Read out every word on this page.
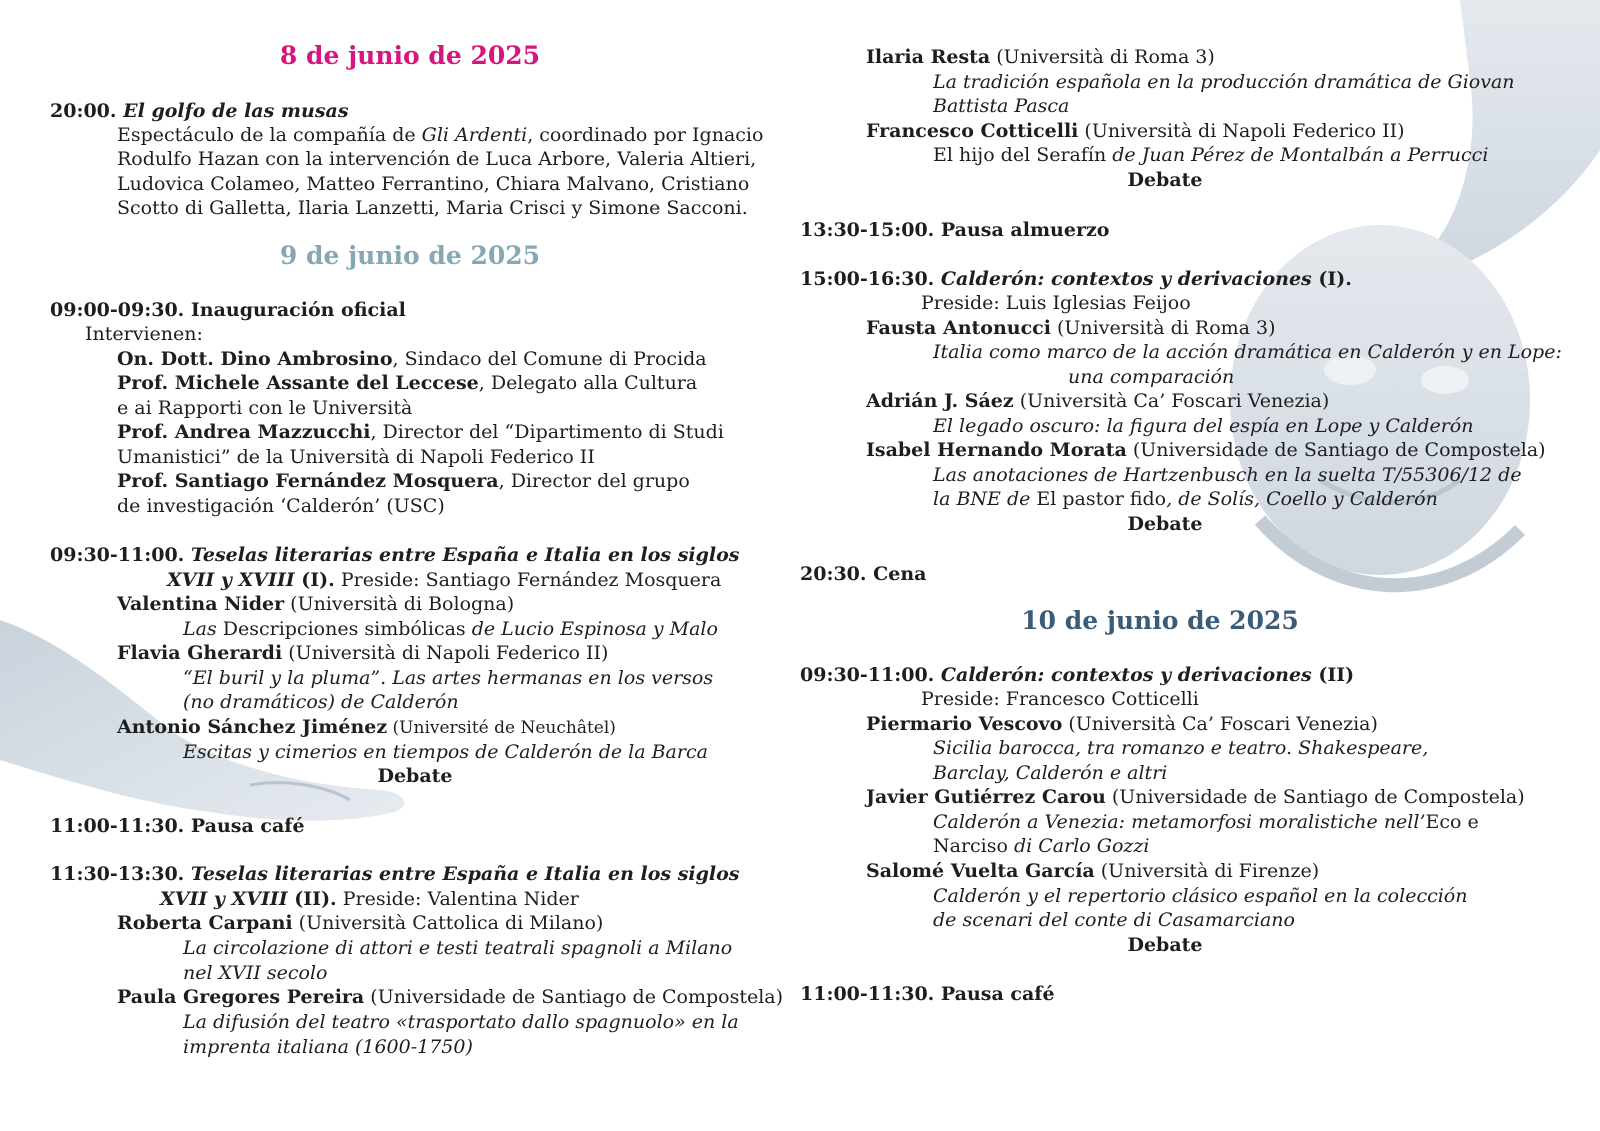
8 de junio de 2025
20:00. El golfo de las musas
Espectáculo de la compañía de Gli Ardenti, coordinado por Ignacio
Rodulfo Hazan con la intervención de Luca Arbore, Valeria Altieri,
Ludovica Colameo, Matteo Ferrantino, Chiara Malvano, Cristiano
Scotto di Galletta, Ilaria Lanzetti, Maria Crisci y Simone Sacconi.
9 de junio de 2025
09:00-09:30. Inauguración oficial
Intervienen:
On. Dott. Dino Ambrosino, Sindaco del Comune di Procida
Prof. Michele Assante del Leccese, Delegato alla Cultura
e ai Rapporti con le Università
Prof. Andrea Mazzucchi, Director del “Dipartimento di Studi
Umanistici” de la Università di Napoli Federico II
Prof. Santiago Fernández Mosquera, Director del grupo
de investigación ‘Calderón’ (USC)
09:30-11:00. Teselas literarias entre España e Italia en los siglos
XVII y XVIII (I). Preside: Santiago Fernández Mosquera
Valentina Nider (Università di Bologna)
Las Descripciones simbólicas de Lucio Espinosa y Malo
Flavia Gherardi (Università di Napoli Federico II)
“El buril y la pluma”. Las artes hermanas en los versos
(no dramáticos) de Calderón
Antonio Sánchez Jiménez (Université de Neuchâtel)
Escitas y cimerios en tiempos de Calderón de la Barca
Debate
11:00-11:30. Pausa café
11:30-13:30. Teselas literarias entre España e Italia en los siglos
XVII y XVIII (II). Preside: Valentina Nider
Roberta Carpani (Università Cattolica di Milano)
La circolazione di attori e testi teatrali spagnoli a Milano
nel XVII secolo
Paula Gregores Pereira (Universidade de Santiago de Compostela)
La difusión del teatro «trasportato dallo spagnuolo» en la
imprenta italiana (1600-1750)
Ilaria Resta (Università di Roma 3)
La tradición española en la producción dramática de Giovan
Battista Pasca
Francesco Cotticelli (Università di Napoli Federico II)
El hijo del Serafín de Juan Pérez de Montalbán a Perrucci
Debate
13:30-15:00. Pausa almuerzo
15:00-16:30. Calderón: contextos y derivaciones (I).
Preside: Luis Iglesias Feijoo
Fausta Antonucci (Università di Roma 3)
Italia como marco de la acción dramática en Calderón y en Lope:
una comparación
Adrián J. Sáez (Università Ca’ Foscari Venezia)
El legado oscuro: la figura del espía en Lope y Calderón
Isabel Hernando Morata (Universidade de Santiago de Compostela)
Las anotaciones de Hartzenbusch en la suelta T/55306/12 de
la BNE de El pastor fido, de Solís, Coello y Calderón
Debate
20:30. Cena
10 de junio de 2025
09:30-11:00. Calderón: contextos y derivaciones (II)
Preside: Francesco Cotticelli
Piermario Vescovo (Università Ca’ Foscari Venezia)
Sicilia barocca, tra romanzo e teatro. Shakespeare,
Barclay, Calderón e altri
Javier Gutiérrez Carou (Universidade de Santiago de Compostela)
Calderón a Venezia: metamorfosi moralistiche nell’Eco e
Narciso di Carlo Gozzi
Salomé Vuelta García (Università di Firenze)
Calderón y el repertorio clásico español en la colección
de scenari del conte di Casamarciano
Debate
11:00-11:30. Pausa café
